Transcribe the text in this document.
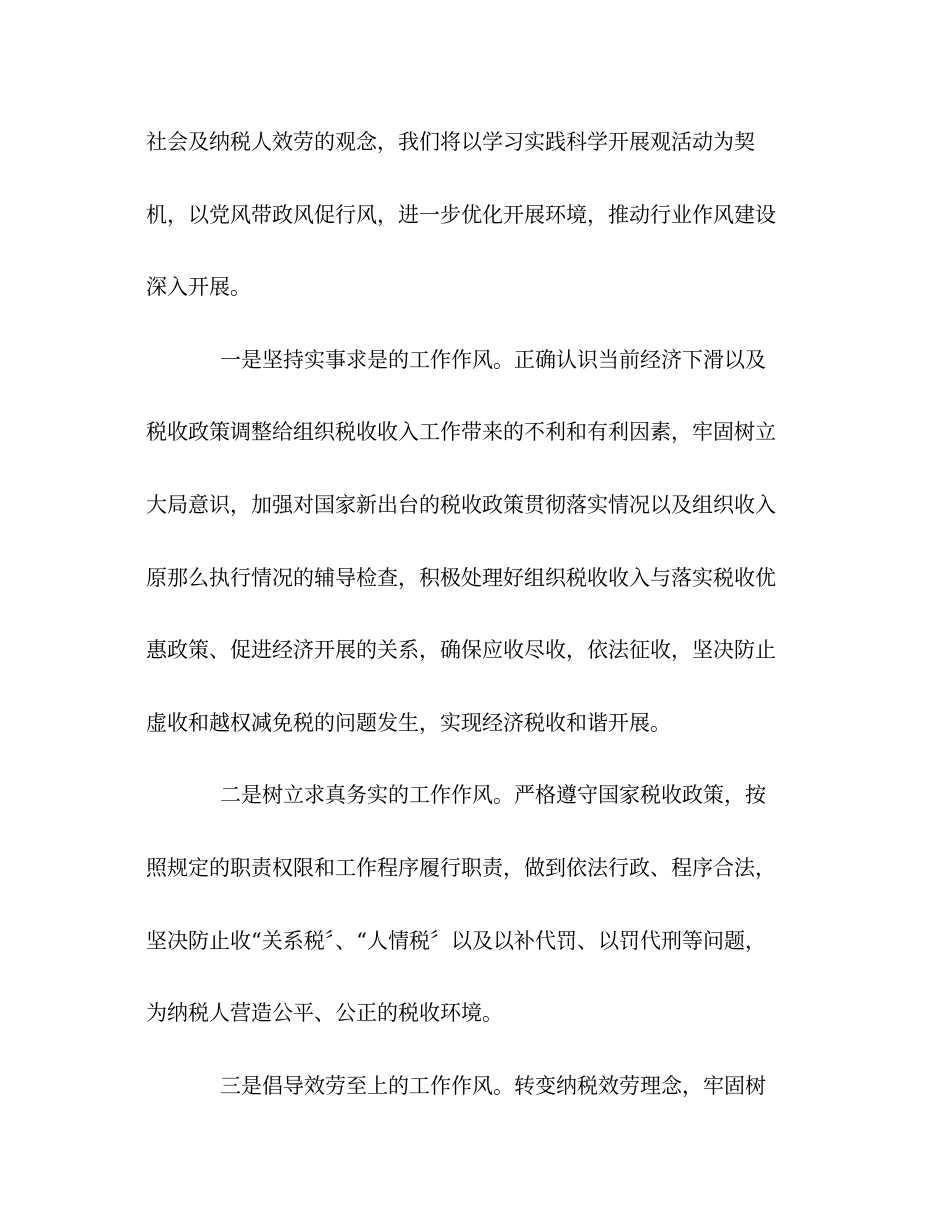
社会及纳税人效劳的观念，我们将以学习实践科学开展观活动为契
机，以党风带政风促行风，进一步优化开展环境，推动行业作风建设
深入开展。
一是坚持实事求是的工作作风。正确认识当前经济下滑以及
税收政策调整给组织税收收入工作带来的不利和有利因素，牢固树立
大局意识，加强对国家新出台的税收政策贯彻落实情况以及组织收入
原那么执行情况的辅导检查，积极处理好组织税收收入与落实税收优
惠政策、促进经济开展的关系，确保应收尽收，依法征收，坚决防止
虚收和越权减免税的问题发生，实现经济税收和谐开展。
二是树立求真务实的工作作风。严格遵守国家税收政策，按
照规定的职责权限和工作程序履行职责，做到依法行政、程序合法，
坚决防止收“关系税〞、“人情税〞以及以补代罚、以罚代刑等问题，
为纳税人营造公平、公正的税收环境。
三是倡导效劳至上的工作作风。转变纳税效劳理念，牢固树
